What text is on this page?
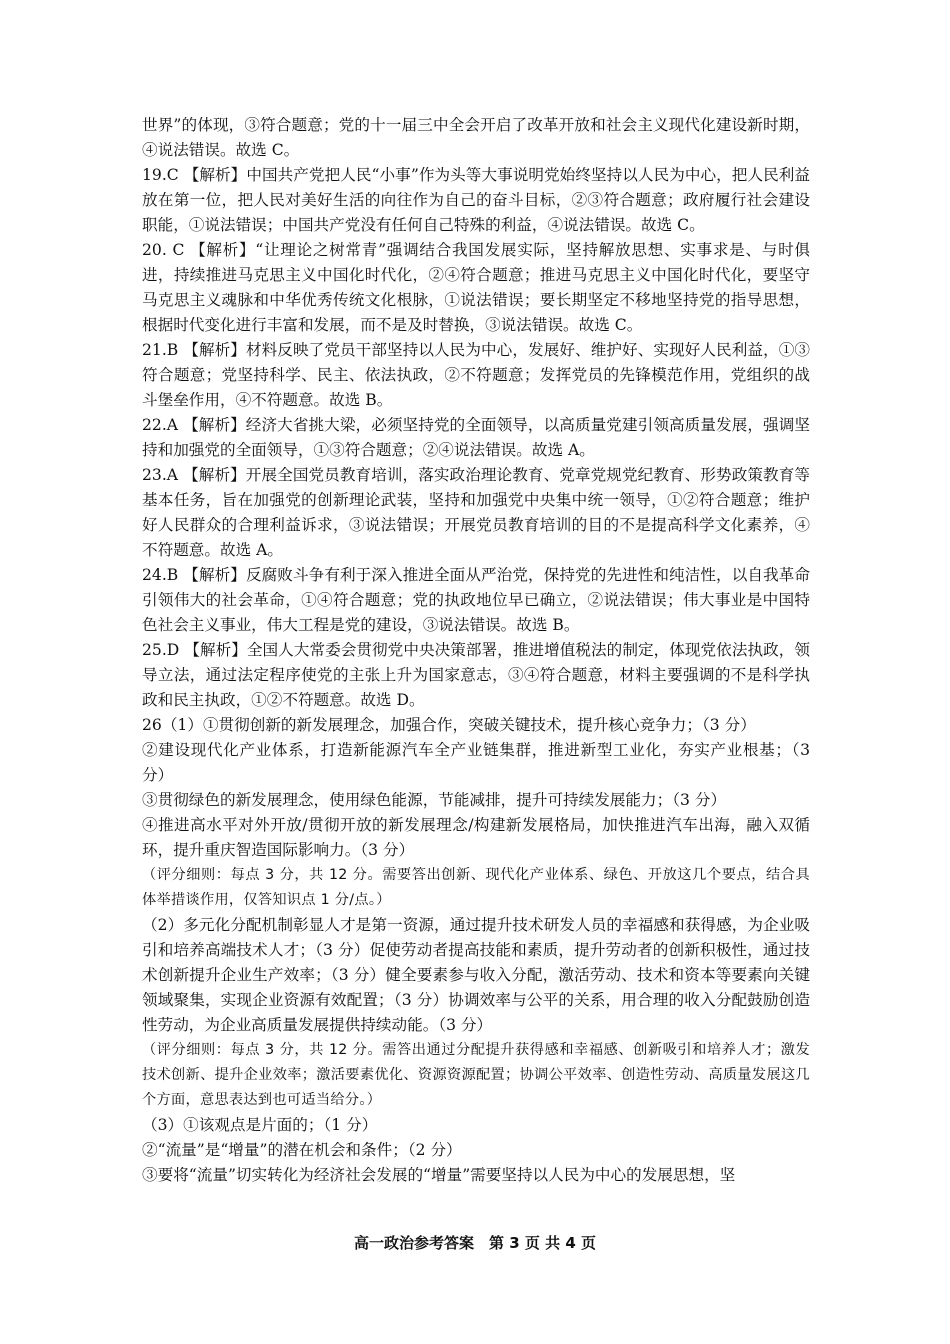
世界”的体现，③符合题意；党的十一届三中全会开启了改革开放和社会主义现代化建设新时期，④说法错误。故选 C。

19.C 【解析】中国共产党把人民“小事”作为头等大事说明党始终坚持以人民为中心，把人民利益放在第一位，把人民对美好生活的向往作为自己的奋斗目标，②③符合题意；政府履行社会建设职能，①说法错误；中国共产党没有任何自己特殊的利益，④说法错误。故选 C。

20. C 【解析】“让理论之树常青”强调结合我国发展实际，坚持解放思想、实事求是、与时俱进，持续推进马克思主义中国化时代化，②④符合题意；推进马克思主义中国化时代化，要坚守马克思主义魂脉和中华优秀传统文化根脉，①说法错误；要长期坚定不移地坚持党的指导思想，根据时代变化进行丰富和发展，而不是及时替换，③说法错误。故选 C。

21.B 【解析】材料反映了党员干部坚持以人民为中心，发展好、维护好、实现好人民利益，①③符合题意；党坚持科学、民主、依法执政，②不符题意；发挥党员的先锋模范作用，党组织的战斗堡垒作用，④不符题意。故选 B。

22.A 【解析】经济大省挑大梁，必须坚持党的全面领导，以高质量党建引领高质量发展，强调坚持和加强党的全面领导，①③符合题意；②④说法错误。故选 A。

23.A 【解析】开展全国党员教育培训，落实政治理论教育、党章党规党纪教育、形势政策教育等基本任务，旨在加强党的创新理论武装，坚持和加强党中央集中统一领导，①②符合题意；维护好人民群众的合理利益诉求，③说法错误；开展党员教育培训的目的不是提高科学文化素养，④不符题意。故选 A。

24.B 【解析】反腐败斗争有利于深入推进全面从严治党，保持党的先进性和纯洁性，以自我革命引领伟大的社会革命，①④符合题意；党的执政地位早已确立，②说法错误；伟大事业是中国特色社会主义事业，伟大工程是党的建设，③说法错误。故选 B。

25.D 【解析】全国人大常委会贯彻党中央决策部署，推进增值税法的制定，体现党依法执政，领导立法，通过法定程序使党的主张上升为国家意志，③④符合题意，材料主要强调的不是科学执政和民主执政，①②不符题意。故选 D。

26（1）①贯彻创新的新发展理念，加强合作，突破关键技术，提升核心竞争力；（3 分）

②建设现代化产业体系，打造新能源汽车全产业链集群，推进新型工业化，夯实产业根基；（3 分）

③贯彻绿色的新发展理念，使用绿色能源，节能减排，提升可持续发展能力；（3 分）

④推进高水平对外开放/贯彻开放的新发展理念/构建新发展格局，加快推进汽车出海，融入双循环，提升重庆智造国际影响力。（3 分）

（评分细则：每点 3 分，共 12 分。需要答出创新、现代化产业体系、绿色、开放这几个要点，结合具体举措谈作用，仅答知识点 1 分/点。）

（2）多元化分配机制彰显人才是第一资源，通过提升技术研发人员的幸福感和获得感，为企业吸引和培养高端技术人才；（3 分）促使劳动者提高技能和素质，提升劳动者的创新积极性，通过技术创新提升企业生产效率；（3 分）健全要素参与收入分配，激活劳动、技术和资本等要素向关键领域聚集，实现企业资源有效配置；（3 分）协调效率与公平的关系，用合理的收入分配鼓励创造性劳动，为企业高质量发展提供持续动能。（3 分）

（评分细则：每点 3 分，共 12 分。需答出通过分配提升获得感和幸福感、创新吸引和培养人才；激发技术创新、提升企业效率；激活要素优化、资源资源配置；协调公平效率、创造性劳动、高质量发展这几个方面，意思表达到也可适当给分。）

（3）①该观点是片面的；（1 分）

②“流量”是“增量”的潜在机会和条件；（2 分）

③要将“流量”切实转化为经济社会发展的“增量”需要坚持以人民为中心的发展思想，坚

高一政治参考答案　第 3 页 共 4 页
